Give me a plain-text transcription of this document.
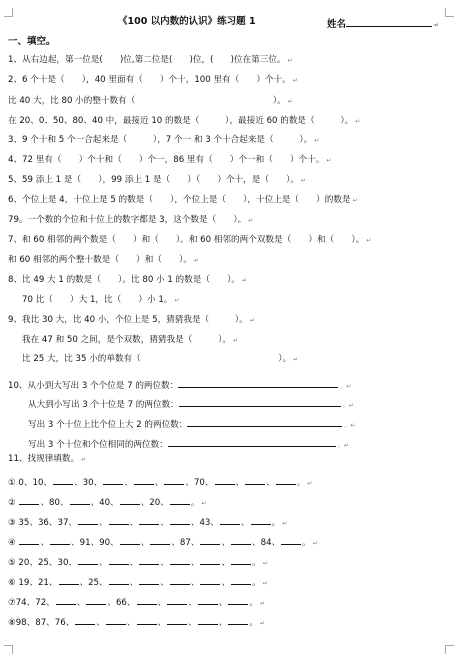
《100 以内数的认识》练习题 1	姓名	↵
一、填空。
1、从右边起，第一位是(　　)位,第二位是(　　)位，(　　)位在第三位。 ↵
2、6 个十是（　　），40 里面有（　　）个十，100 里有（　　）个十。 ↵
比 40 大，比 80 小的整十数有（　　　　　　　　　　　　　　　　）。 ↵
在 20、0、50、80、40 中，最接近 10 的数是（　　　），最接近 60 的数是（　　　）。 ↵
3、9 个十和 5 个一合起来是（　　　），7 个一 和 3 个十合起来是（　　　）。 ↵
4、72 里有（　　）个十和（　　）个一，86 里有（　　）个一和（　　）个十。 ↵
5、59 添上 1 是（　　），99 添上 1 是（　　）（　　）个十，是（　　）。 ↵
6、个位上是 4，十位上是 5 的数是（　　），个位上是（　　），十位上是（　　）的数是 ↵
79。一个数的个位和十位上的数字都是 3，这个数是（　　）。 ↵
7、和 60 相邻的两个数是（　　）和（　　）。和 60 相邻的两个双数是（　　）和（　　）。 ↵
和 60 相邻的两个整十数是（　　）和（　　）。 ↵
8、比 49 大 1 的数是（　　）。比 80 小 1 的数是（　　）。 ↵
70 比（　　）大 1，比（　　）小 1。 ↵
9、我比 30 大，比 40 小，个位上是 5，猜猜我是（　　　）。 ↵
我在 47 和 50 之间，是个双数，猜猜我是（　　　）。 ↵
比 25 大，比 35 小的单数有（　　　　　　　　　　　　　　　　）。 ↵
10、从小到大写出 3 个个位是 7 的两位数：	。↵
从大到小写出 3 个十位是 7 的两位数：	。↵
写出 3 个十位上比个位上大 2 的两位数：	。↵
写出 3 个十位和个位相同的两位数：	。↵
11、找规律填数。 ↵
① 0、10、	、30、	、	、	、70、	、	、	。 ↵
②	、80、	、40、	、20、	。 ↵
③ 35、36、37、	、	、	、	、43、	、	。 ↵
④	、	、91、90、	、	、87、	、	、84、	。 ↵
⑤ 20、25、30、	、	、	、	、	、	。 ↵
⑥ 19、21、	、25、	、	、	、	、	。 ↵
⑦74、72、	、	、66、	、	、	、	。 ↵
⑧98、87、76、	、	、	、	、	、	。 ↵
